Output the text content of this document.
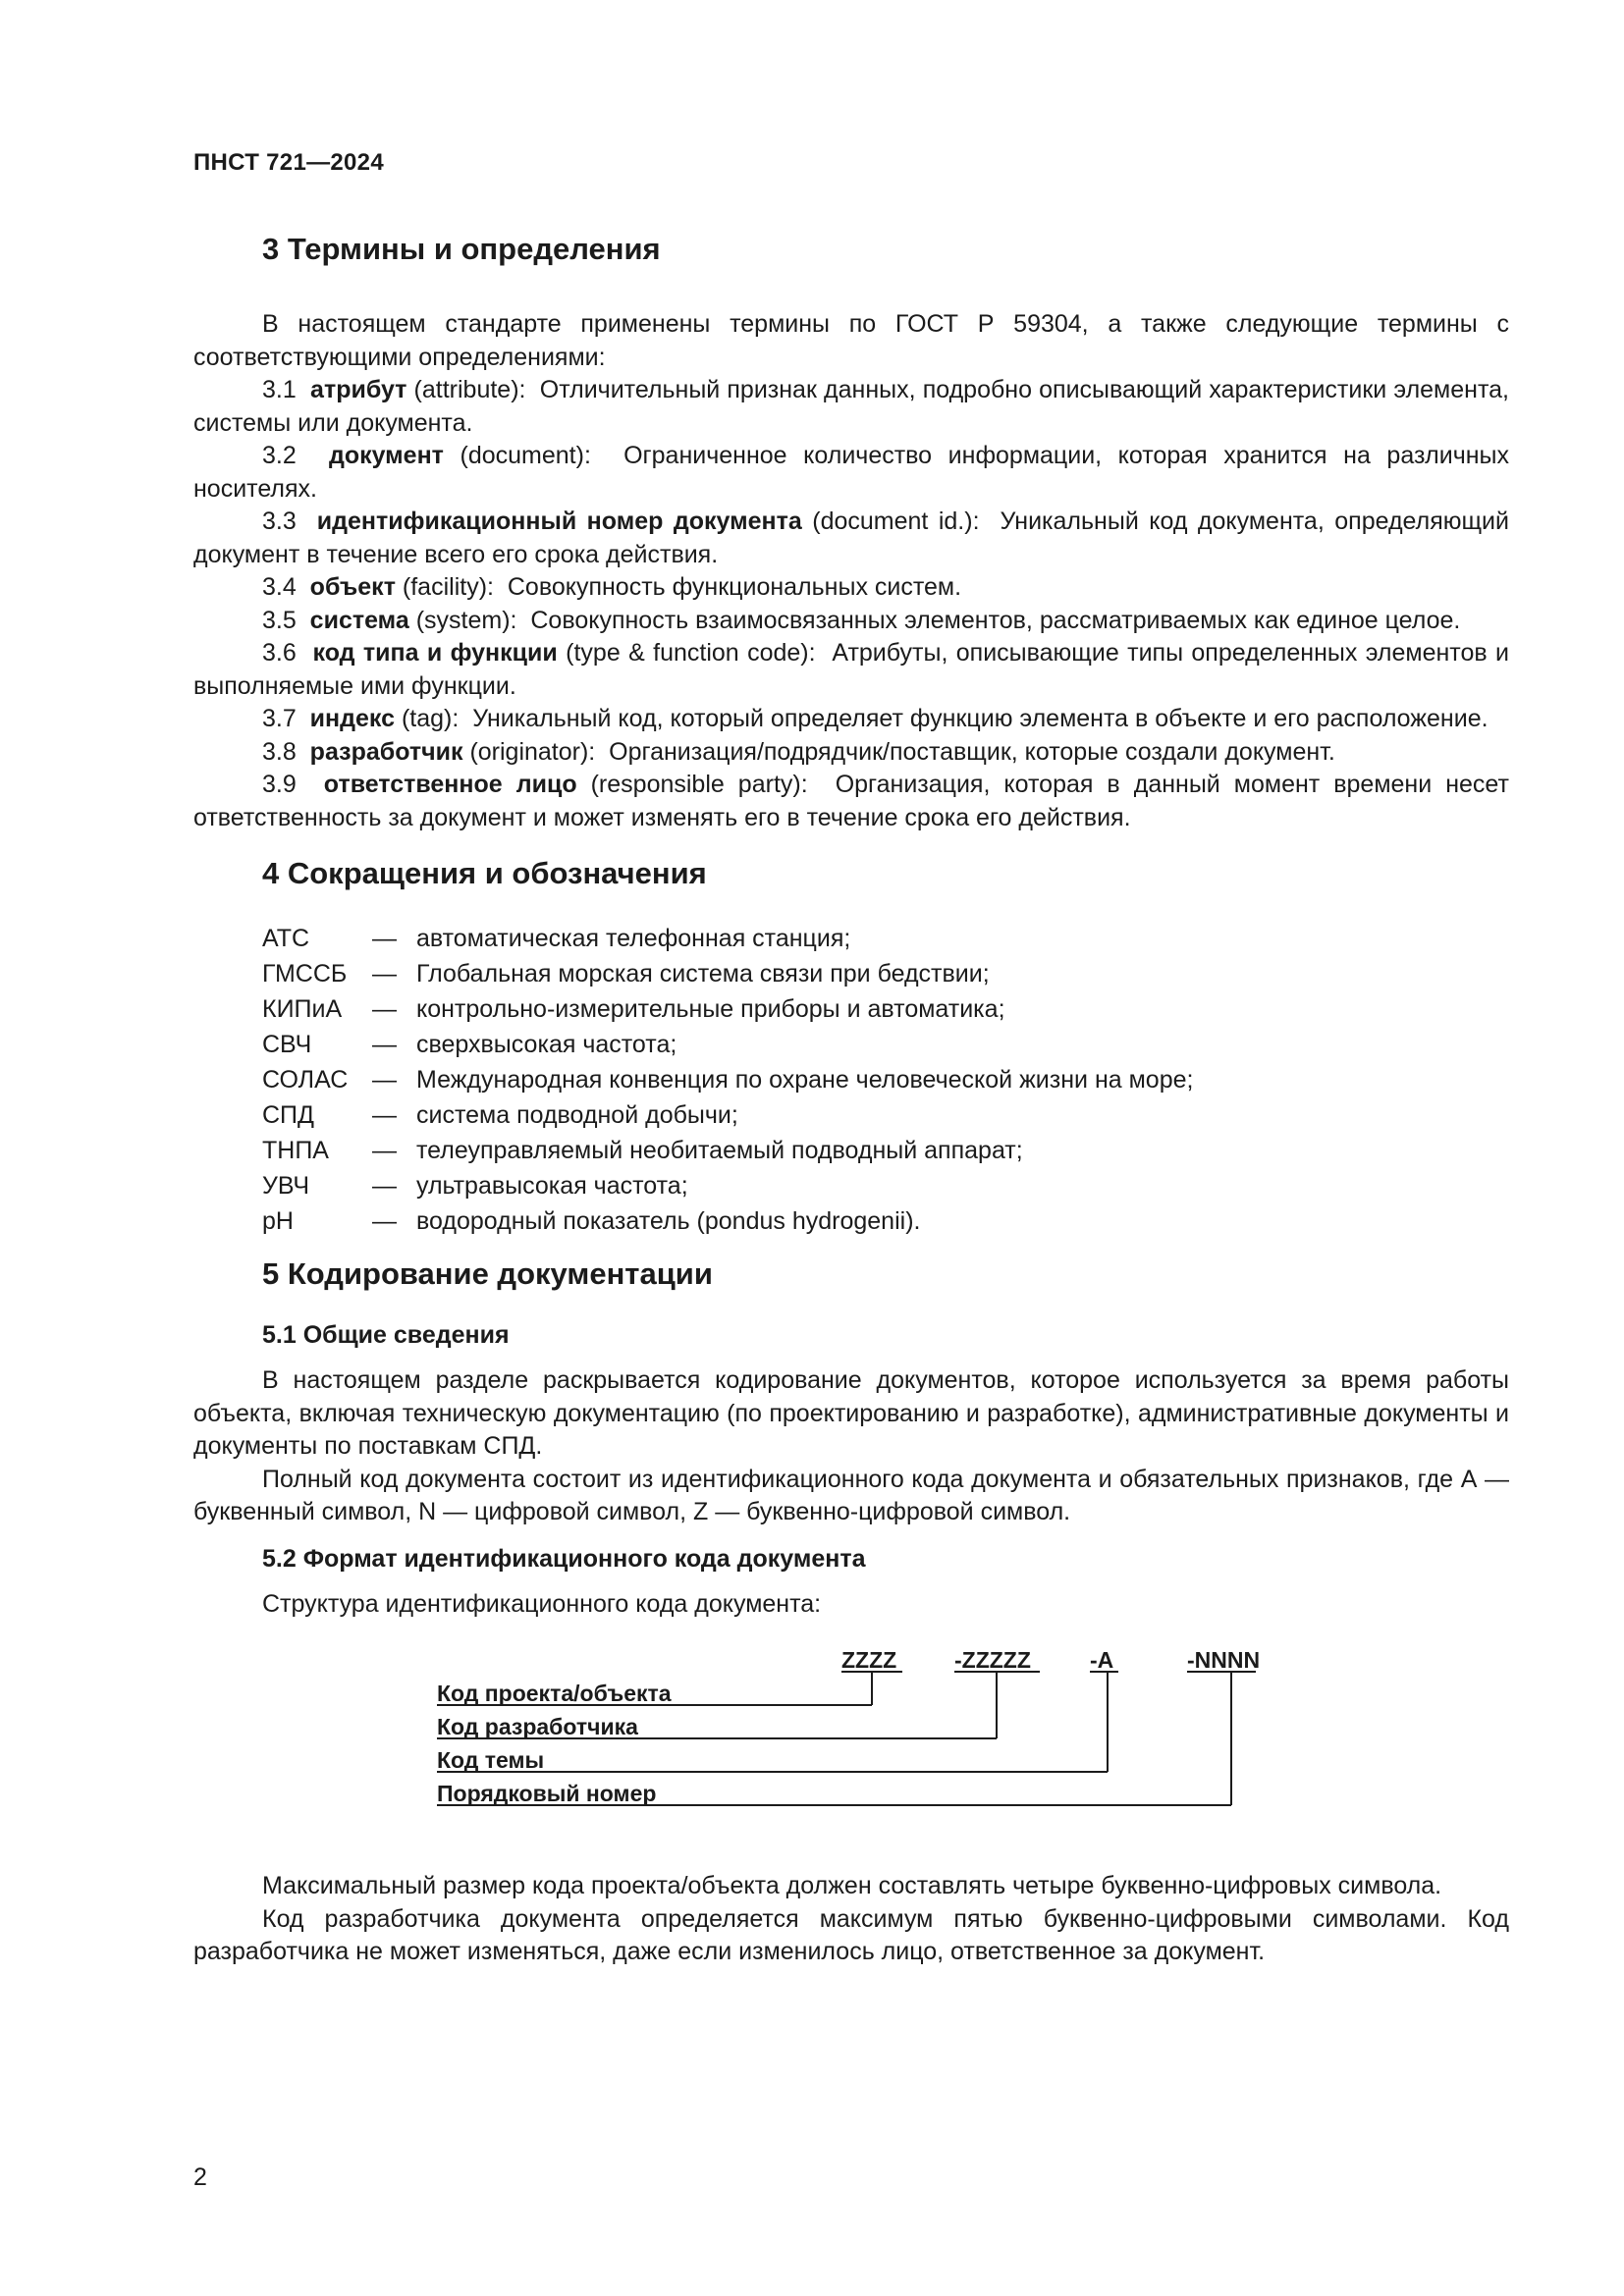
ПНСТ 721—2024
3 Термины и определения

В настоящем стандарте применены термины по ГОСТ Р 59304, а также следующие термины с соответствующими определениями:

3.1 атрибут (attribute): Отличительный признак данных, подробно описывающий характеристики элемента, системы или документа.

3.2 документ (document): Ограниченное количество информации, которая хранится на различных носителях.

3.3 идентификационный номер документа (document id.): Уникальный код документа, определяющий документ в течение всего его срока действия.

3.4 объект (facility): Совокупность функциональных систем.

3.5 система (system): Совокупность взаимосвязанных элементов, рассматриваемых как единое целое.

3.6 код типа и функции (type & function code): Атрибуты, описывающие типы определенных элементов и выполняемые ими функции.

3.7 индекс (tag): Уникальный код, который определяет функцию элемента в объекте и его расположение.

3.8 разработчик (originator): Организация/подрядчик/поставщик, которые создали документ.

3.9 ответственное лицо (responsible party): Организация, которая в данный момент времени несет ответственность за документ и может изменять его в течение срока его действия.

4 Сокращения и обозначения
АТС	— автоматическая телефонная станция;
ГМССБ	— Глобальная морская система связи при бедствии;
КИПиА	— контрольно-измерительные приборы и автоматика;
СВЧ	— сверхвысокая частота;
СОЛАС — Международная конвенция по охране человеческой жизни на море;
СПД	— система подводной добычи;
ТНПА	— телеуправляемый необитаемый подводный аппарат;
УВЧ	— ультравысокая частота;
pH	— водородный показатель (pondus hydrogenii).
5 Кодирование документации
5.1 Общие сведения

В настоящем разделе раскрывается кодирование документов, которое используется за время работы объекта, включая техническую документацию (по проектированию и разработке), административные документы и документы по поставкам СПД.

Полный код документа состоит из идентификационного кода документа и обязательных признаков, где А — буквенный символ, N — цифровой символ, Z — буквенно-цифровой символ.

5.2 Формат идентификационного кода документа

Структура идентификационного кода документа:

ZZZZ	-ZZZZZ	-A	-NNNN
Код проекта/объекта
Код разработчика
Код темы
Порядковый номер

Максимальный размер кода проекта/объекта должен составлять четыре буквенно-цифровых символа.

Код разработчика документа определяется максимум пятью буквенно-цифровыми символами. Код разработчика не может изменяться, даже если изменилось лицо, ответственное за документ.

2
